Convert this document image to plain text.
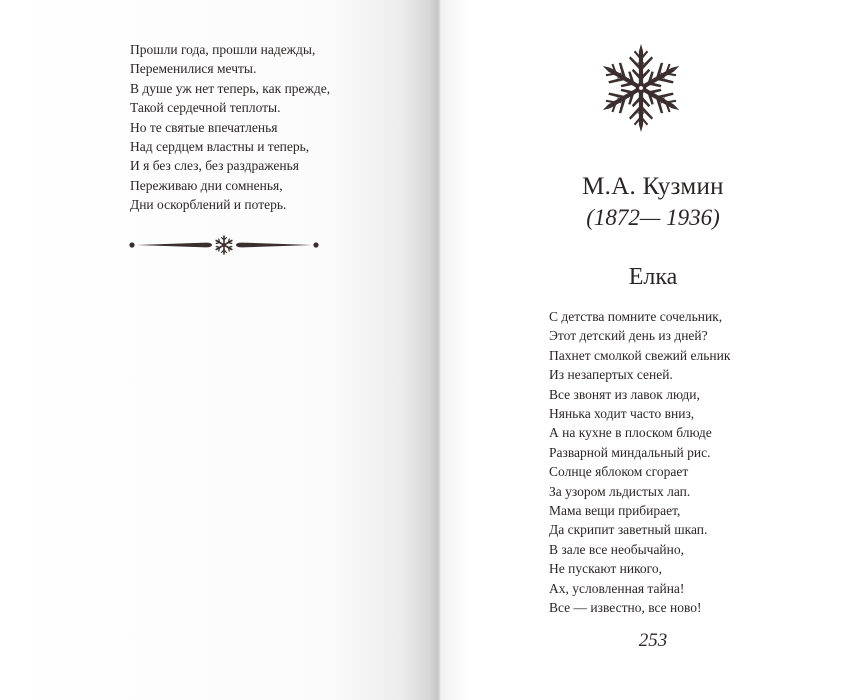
Прошли года, прошли надежды,
Переменилися мечты.
В душе уж нет теперь, как прежде,
Такой сердечной теплоты.
Но те святые впечатленья
Над сердцем властны и теперь,
И я без слез, без раздраженья
Переживаю дни сомненья,
Дни оскорблений и потерь.
М.А. Кузмин
(1872— 1936)
Елка
С детства помните сочельник,
Этот детский день из дней?
Пахнет смолкой свежий ельник
Из незапертых сеней.
Все звонят из лавок люди,
Нянька ходит часто вниз,
А на кухне в плоском блюде
Разварной миндальный рис.
Солнце яблоком сгорает
За узором льдистых лап.
Мама вещи прибирает,
Да скрипит заветный шкап.
В зале все необычайно,
Не пускают никого,
Ах, условленная тайна!
Все — известно, все ново!
253
